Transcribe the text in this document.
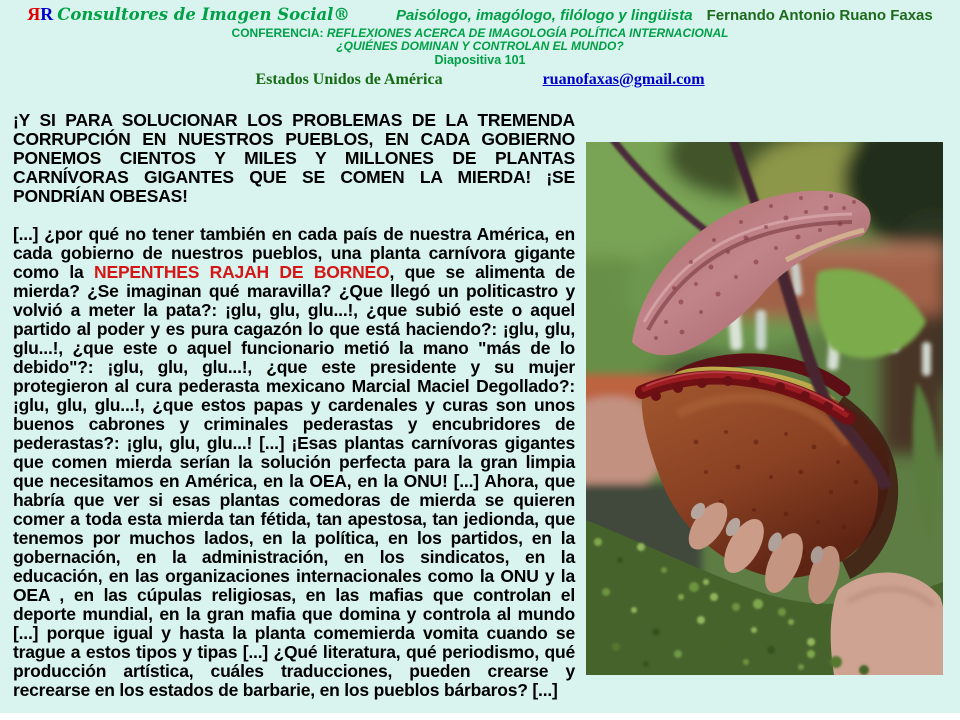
ЯR Consultores de Imagen Social®	Paisólogo, imagólogo, filólogo y lingüista Fernando Antonio Ruano Faxas
CONFERENCIA: REFLEXIONES ACERCA DE IMAGOLOGÍA POLÍTICA INTERNACIONAL
¿QUIÉNES DOMINAN Y CONTROLAN EL MUNDO?
Diapositiva 101
Estados Unidos de América	ruanofaxas@gmail.com

¡Y SI PARA SOLUCIONAR LOS PROBLEMAS DE LA TREMENDA CORRUPCIÓN EN NUESTROS PUEBLOS, EN CADA GOBIERNO PONEMOS CIENTOS Y MILES Y MILLONES DE PLANTAS CARNÍVORAS GIGANTES QUE SE COMEN LA MIERDA! ¡SE PONDRÍAN OBESAS!

[...] ¿por qué no tener también en cada país de nuestra América, en cada gobierno de nuestros pueblos, una planta carnívora gigante como la NEPENTHES RAJAH DE BORNEO, que se alimenta de mierda? ¿Se imaginan qué maravilla? ¿Que llegó un politicastro y volvió a meter la pata?: ¡glu, glu, glu...!, ¿que subió este o aquel partido al poder y es pura cagazón lo que está haciendo?: ¡glu, glu, glu...!, ¿que este o aquel funcionario metió la mano "más de lo debido"?: ¡glu, glu, glu...!, ¿que este presidente y su mujer protegieron al cura pederasta mexicano Marcial Maciel Degollado?: ¡glu, glu, glu...!, ¿que estos papas y cardenales y curas son unos buenos cabrones y criminales pederastas y encubridores de pederastas?: ¡glu, glu, glu...! [...] ¡Esas plantas carnívoras gigantes que comen mierda serían la solución perfecta para la gran limpia que necesitamos en América, en la OEA, en la ONU! [...] Ahora, que habría que ver si esas plantas comedoras de mierda se quieren comer a toda esta mierda tan fétida, tan apestosa, tan jedionda, que tenemos por muchos lados, en la política, en los partidos, en la gobernación, en la administración, en los sindicatos, en la educación, en las organizaciones internacionales como la ONU y la OEA , en las cúpulas religiosas, en las mafias que controlan el deporte mundial, en la gran mafia que domina y controla al mundo [...] porque igual y hasta la planta comemierda vomita cuando se trague a estos tipos y tipas [...] ¿Qué literatura, qué periodismo, qué producción artística, cuáles traducciones, pueden crearse y recrearse en los estados de barbarie, en los pueblos bárbaros? [...]
